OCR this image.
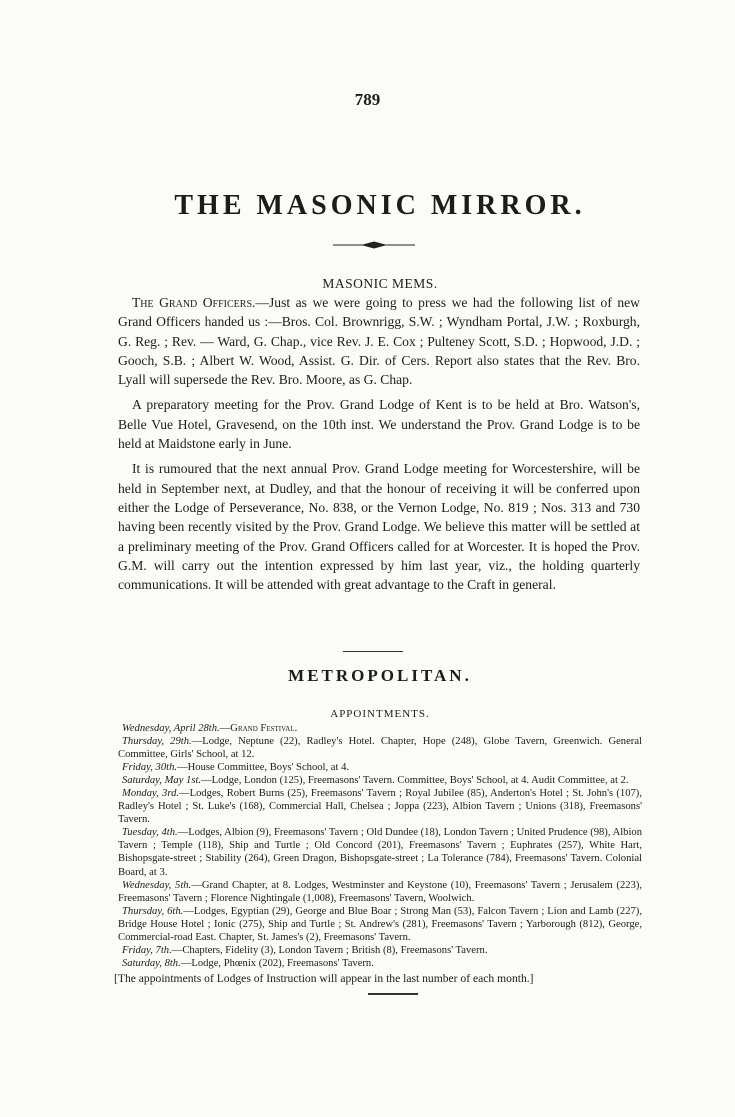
789
THE MASONIC MIRROR.
MASONIC MEMS.

The Grand Officers.—Just as we were going to press we had the following list of new Grand Officers handed us :—Bros. Col. Brownrigg, S.W. ; Wyndham Portal, J.W. ; Roxburgh, G. Reg. ; Rev. — Ward, G. Chap., vice Rev. J. E. Cox ; Pulteney Scott, S.D. ; Hopwood, J.D. ; Gooch, S.B. ; Albert W. Wood, Assist. G. Dir. of Cers. Report also states that the Rev. Bro. Lyall will supersede the Rev. Bro. Moore, as G. Chap.

A preparatory meeting for the Prov. Grand Lodge of Kent is to be held at Bro. Watson's, Belle Vue Hotel, Gravesend, on the 10th inst. We understand the Prov. Grand Lodge is to be held at Maidstone early in June.

It is rumoured that the next annual Prov. Grand Lodge meeting for Worcestershire, will be held in September next, at Dudley, and that the honour of receiving it will be conferred upon either the Lodge of Perseverance, No. 838, or the Vernon Lodge, No. 819 ; Nos. 313 and 730 having been recently visited by the Prov. Grand Lodge. We believe this matter will be settled at a preliminary meeting of the Prov. Grand Officers called for at Worcester. It is hoped the Prov. G.M. will carry out the intention expressed by him last year, viz., the holding quarterly communications. It will be attended with great advantage to the Craft in general.

METROPOLITAN.
APPOINTMENTS.

Wednesday, April 28th.—Grand Festival.

Thursday, 29th.—Lodge, Neptune (22), Radley's Hotel. Chapter, Hope (248), Globe Tavern, Greenwich. General Committee, Girls' School, at 12.

Friday, 30th.—House Committee, Boys' School, at 4.

Saturday, May 1st.—Lodge, London (125), Freemasons' Tavern. Committee, Boys' School, at 4. Audit Committee, at 2.

Monday, 3rd.—Lodges, Robert Burns (25), Freemasons' Tavern ; Royal Jubilee (85), Anderton's Hotel ; St. John's (107), Radley's Hotel ; St. Luke's (168), Commercial Hall, Chelsea ; Joppa (223), Albion Tavern ; Unions (318), Freemasons' Tavern.

Tuesday, 4th.—Lodges, Albion (9), Freemasons' Tavern ; Old Dundee (18), London Tavern ; United Prudence (98), Albion Tavern ; Temple (118), Ship and Turtle ; Old Concord (201), Freemasons' Tavern ; Euphrates (257), White Hart, Bishopsgate-street ; Stability (264), Green Dragon, Bishopsgate-street ; La Tolerance (784), Freemasons' Tavern. Colonial Board, at 3.

Wednesday, 5th.—Grand Chapter, at 8. Lodges, Westminster and Keystone (10), Freemasons' Tavern ; Jerusalem (223), Freemasons' Tavern ; Florence Nightingale (1,008), Freemasons' Tavern, Woolwich.

Thursday, 6th.—Lodges, Egyptian (29), George and Blue Boar ; Strong Man (53), Falcon Tavern ; Lion and Lamb (227), Bridge House Hotel ; Ionic (275), Ship and Turtle ; St. Andrew's (281), Freemasons' Tavern ; Yarborough (812), George, Commercial-road East. Chapter, St. James's (2), Freemasons' Tavern.

Friday, 7th.—Chapters, Fidelity (3), London Tavern ; British (8), Freemasons' Tavern.

Saturday, 8th.—Lodge, Phœnix (202), Freemasons' Tavern.

[The appointments of Lodges of Instruction will appear in the last number of each month.]
